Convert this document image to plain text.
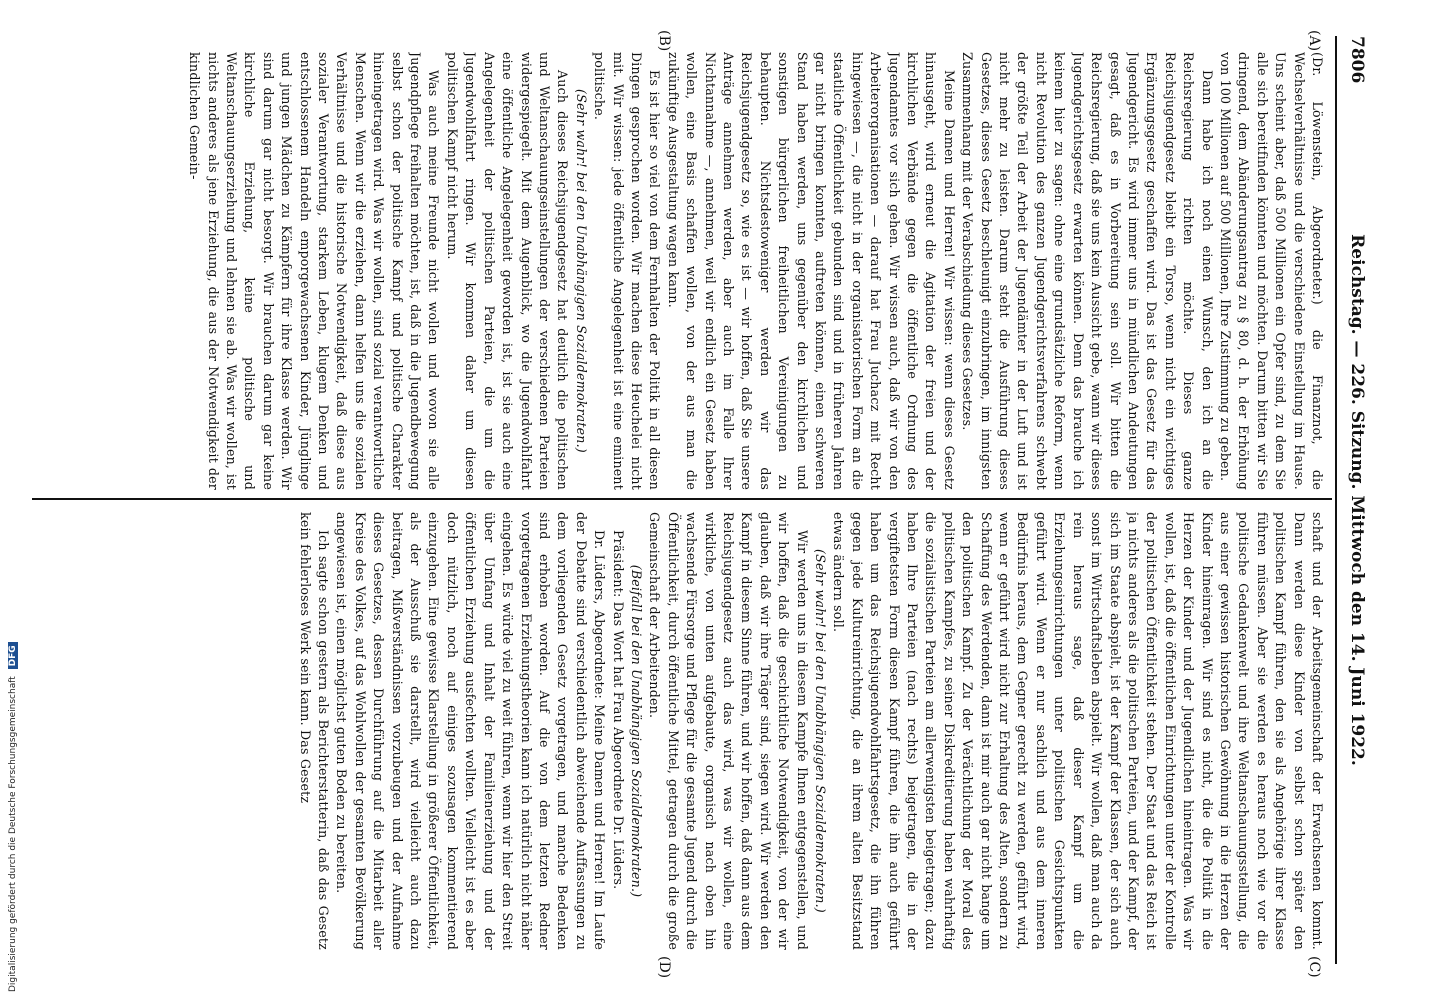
7806
Reichstag. — 226. Sitzung. Mittwoch den 14. Juni 1922.
(A)
(B)
(C)
(D)

(Dr. Löwenstein, Abgeordneter.) die Finanznot, die Wechselverhältnisse und die verschiedene Einstellung im Hause. Uns scheint aber, daß 500 Millionen ein Opfer sind, zu dem Sie alle sich bereitfinden könnten und möchten. Darum bitten wir Sie dringend, dem Abänderungsantrag zu § 80, d. h. der Erhöhung von 100 Millionen auf 500 Millionen, Ihre Zustimmung zu geben.

Dann habe ich noch einen Wunsch, den ich an die Reichsregierung richten möchte. Dieses ganze Reichsjugendgesetz bleibt ein Torso, wenn nicht ein wichtiges Ergänzungsgesetz geschaffen wird. Das ist das Gesetz für das Jugendgericht. Es wird immer uns in mündlichen Andeutungen gesagt, daß es in Vorbereitung sein soll. Wir bitten die Reichsregierung, daß sie uns kein Aussicht gebe, wann wir dieses Jugendgerichtsgesetz erwarten können. Denn das brauche ich keinem hier zu sagen: ohne eine grundsätzliche Reform, wenn nicht Revolution des ganzen Jugendgerichtsverfahrens schwebt der größte Teil der Arbeit der Jugendämter in der Luft und ist nicht mehr zu leisten. Darum steht die Ausführung dieses Gesetzes, dieses Gesetz beschleunigt einzubringen, im innigsten Zusammenhang mit der Verabschiedung dieses Gesetzes.

Meine Damen und Herren! Wir wissen: wenn dieses Gesetz hinausgeht, wird erneut die Agitation der freien und der kirchlichen Verbände gegen die öffentliche Ordnung des Jugendamtes vor sich gehen. Wir wissen auch, daß wir von den Arbeiterorganisationen — darauf hat Frau Juchacz mit Recht hingewiesen —, die nicht in der organisatorischen Form an die staatliche Öffentlichkeit gebunden sind und in früheren Jahren gar nicht bringen konnten, auftreten können, einen schweren Stand haben werden, uns gegenüber den kirchlichen und sonstigen bürgerlichen freiheitlichen Vereinigungen zu behaupten. Nichtsdestoweniger werden wir das Reichsjugendgesetz so, wie es ist — wir hoffen, daß Sie unsere Anträge annehmen werden, aber auch im Falle Ihrer Nichtannahme —, annehmen, weil wir endlich ein Gesetz haben wollen, eine Basis schaffen wollen, von der aus man die zukünftige Ausgestaltung wagen kann.

Es ist hier so viel von dem Fernhalten der Politik in all diesen Dingen gesprochen worden. Wir machen diese Heuchelei nicht mit. Wir wissen: jede öffentliche Angelegenheit ist eine eminent politische.

(Sehr wahr! bei den Unabhängigen Sozialdemokraten.)

Auch dieses Reichsjugendgesetz hat deutlich die politischen und Weltanschauungseinstellungen der verschiedenen Parteien widergespiegelt. Mit dem Augenblick, wo die Jugendwohlfahrt eine öffentliche Angelegenheit geworden ist, ist sie auch eine Angelegenheit der politischen Parteien, die um die Jugendwohlfahrt ringen. Wir kommen daher um diesen politischen Kampf nicht herum.

Was auch meine Freunde nicht wollen und wovon sie alle Jugendpflege freihalten möchten, ist, daß in die Jugendbewegung selbst schon der politische Kampf und politische Charakter hineingetragen wird. Was wir wollen, sind sozial verantwortliche Menschen. Wenn wir die erziehen, dann helfen uns die sozialen Verhältnisse und die historische Notwendigkeit, daß diese aus sozialer Verantwortung, starkem Leben, klugem Denken und entschlossenem Handeln emporgewachsenen Kinder, Jünglinge und jungen Mädchen zu Kämpfern für ihre Klasse werden. Wir sind darum gar nicht besorgt. Wir brauchen darum gar keine kirchliche Erziehung, keine politische und Weltanschauungserziehung und lehnen sie ab. Was wir wollen, ist nichts anderes als jene Erziehung, die aus der Notwendigkeit der kindlichen Gemein-

schaft und der Arbeitsgemeinschaft der Erwachsenen kommt. Dann werden diese Kinder von selbst schon später den politischen Kampf führen, den sie als Angehörige ihrer Klasse führen müssen. Aber sie werden es heraus noch wie vor die politische Gedankenwelt und ihre Weltanschauungsstellung, die aus einer gewissen historischen Gewöhnung in die Herzen der Kinder hineinragen. Wir sind es nicht, die die Politik in die Herzen der Kinder und der Jugendlichen hineintragen. Was wir wollen, ist, daß die öffentlichen Einrichtungen unter der Kontrolle der politischen Öffentlichkeit stehen. Der Staat und das Reich ist ja nichts anderes als die politischen Parteien, und der Kampf, der sich im Staate abspielt, ist der Kampf der Klassen, der sich auch sonst im Wirtschaftsleben abspielt. Wir wollen, daß man auch da rein heraus sage, daß dieser Kampf um die Erziehungseinrichtungen unter politischen Gesichtspunkten geführt wird. Wenn er nur sachlich und aus dem inneren Bedürfnis heraus, dem Gegner gerecht zu werden, geführt wird, wenn er geführt wird nicht zur Erhaltung des Alten, sondern zu Schaffung des Werdenden, dann ist mir auch gar nicht bange um den politischen Kampf. Zu der Verächtlichung der Moral des politischen Kampfes, zu seiner Diskreditierung haben wahrhaftig die sozialistischen Parteien am allerwenigsten beigetragen; dazu haben Ihre Parteien (nach rechts) beigetragen, die in der vergiftetsten Form diesen Kampf führen, die ihn auch geführt haben um das Reichsjugendwohlfahrtsgesetz, die ihn führen gegen jede Kultureinrichtung, die an ihrem alten Besitzstand etwas ändern soll.

(Sehr wahr! bei den Unabhängigen Sozialdemokraten.)

Wir werden uns in diesem Kampfe Ihnen entgegenstellen, und wir hoffen, daß die geschichtliche Notwendigkeit, von der wir glauben, daß wir ihre Träger sind, siegen wird. Wir werden den Kampf in diesem Sinne führen, und wir hoffen, daß dann aus dem Reichsjugendgesetz auch das wird, was wir wollen, eine wirkliche, von unten aufgebaute, organisch nach oben hin wachsende Fürsorge und Pflege für die gesamte Jugend durch die Öffentlichkeit, durch öffentliche Mittel, getragen durch die große Gemeinschaft der Arbeitenden.

(Beifall bei den Unabhängigen Sozialdemokraten.)

Präsident: Das Wort hat Frau Abgeordnete Dr. Lüders.

Dr. Lüders, Abgeordnete: Meine Damen und Herren! Im Laufe der Debatte sind verschiedentlich abweichende Auffassungen zu dem vorliegenden Gesetz vorgetragen, und manche Bedenken sind erhoben worden. Auf die von dem letzten Redner vorgetragenen Erziehungstheorien kann ich natürlich nicht näher eingehen. Es würde viel zu weit führen, wenn wir hier den Streit über Umfang und Inhalt der Familienerziehung und der öffentlichen Erziehung ausfechten wollten. Vielleicht ist es aber doch nützlich, noch auf einiges sozusagen kommentierend einzugehen. Eine gewisse Klarstellung in größerer Öffentlichkeit, als der Ausschuß sie darstellt, wird vielleicht auch dazu beitragen, Mißverständnissen vorzubeugen und der Aufnahme dieses Gesetzes, dessen Durchführung auf die Mitarbeit aller Kreise des Volkes, auf das Wohlwollen der gesamten Bevölkerung angewiesen ist, einen möglichst guten Boden zu bereiten.

Ich sagte schon gestern als Berichterstatterin, daß das Gesetz kein fehlerloses Werk sein kann. Das Gesetz

Digitalisierung gefördert durch die Deutsche Forschungsgemeinschaft DFG
